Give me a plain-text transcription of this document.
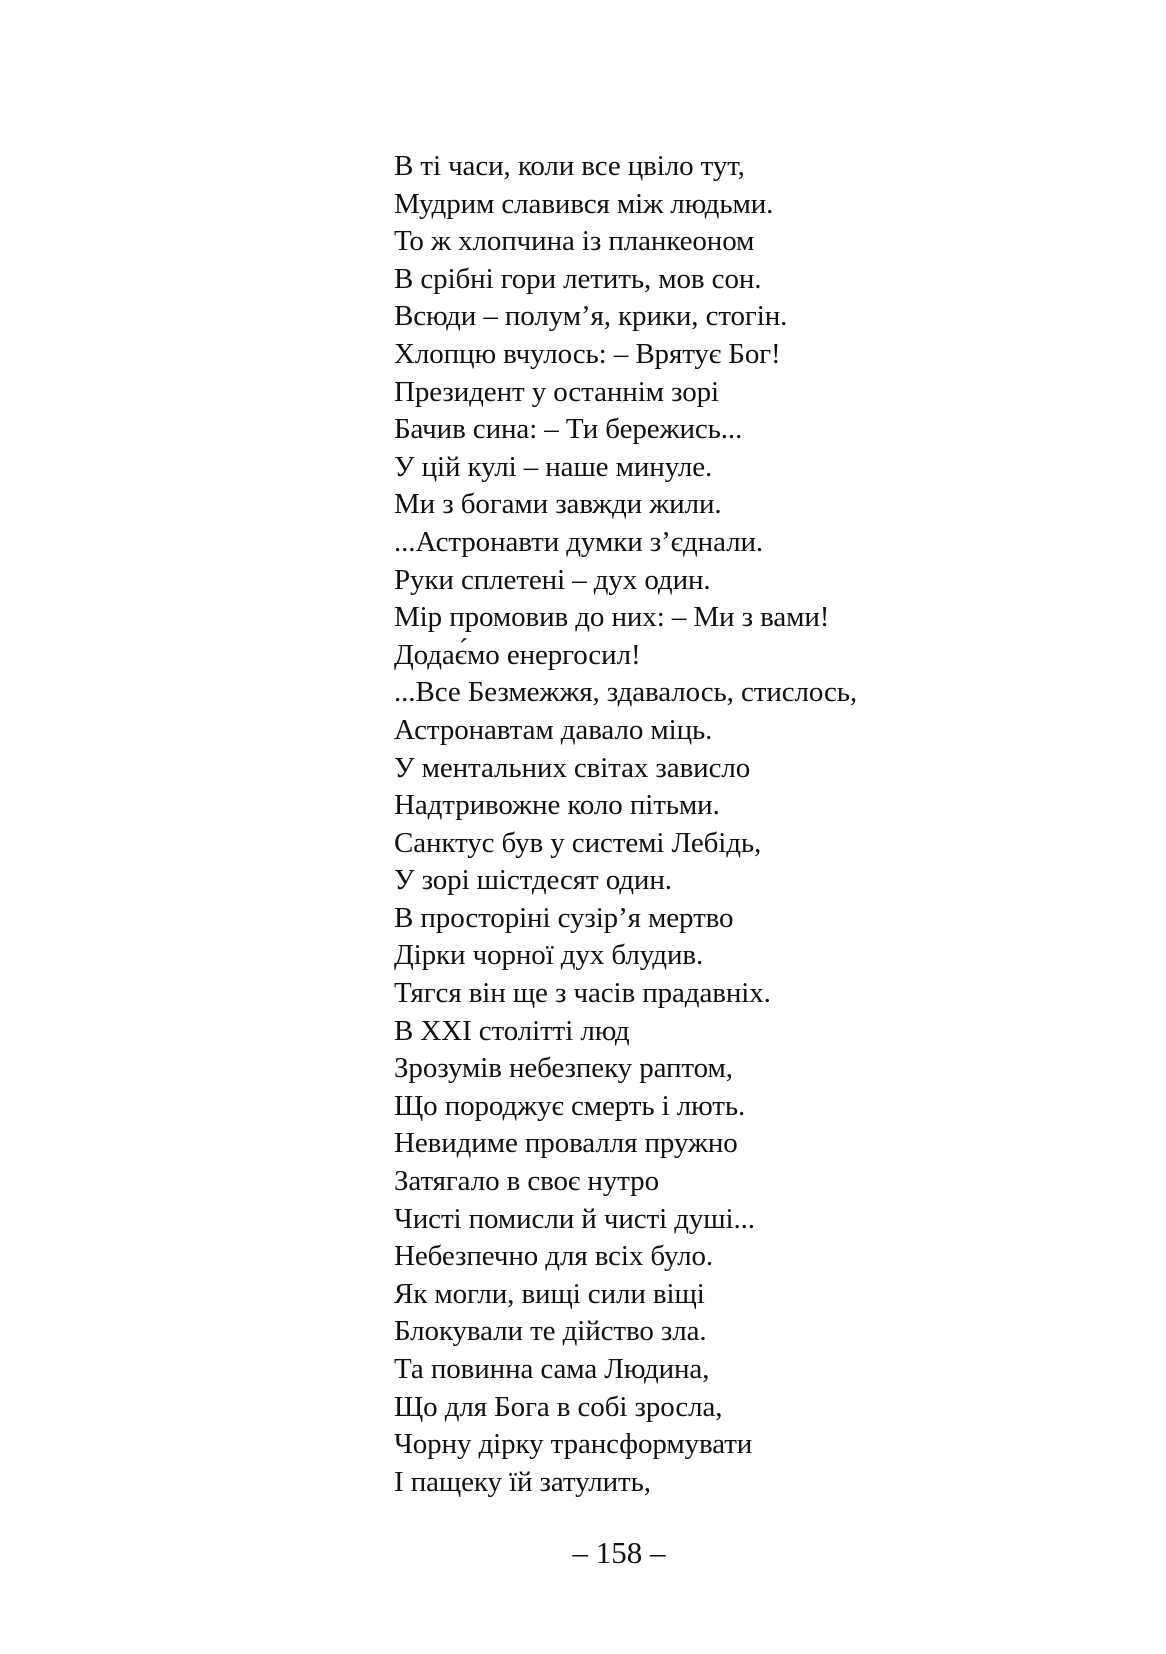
В ті часи, коли все цвіло тут,
Мудрим славився між людьми.
То ж хлопчина із планкеоном
В срібні гори летить, мов сон.
Всюди – полум’я, крики, стогін.
Хлопцю вчулось: – Врятує Бог!
Президент у останнім зорі
Бачив сина: – Ти бережись...
У цій кулі – наше минуле.
Ми з богами завжди жили.
...Астронавти думки з’єднали.
Руки сплетені – дух один.
Мір промовив до них: – Ми з вами!
Додає́мо енергосил!
...Все Безмежжя, здавалось, стислось,
Астронавтам давало міць.
У ментальних світах зависло
Надтривожне коло пітьми.
Санктус був у системі Лебідь,
У зорі шістдесят один.
В просторіні сузір’я мертво
Дірки чорної дух блудив.
Тягся він ще з часів прадавніх.
В XXI столітті люд
Зрозумів небезпеку раптом,
Що породжує смерть і лють.
Невидиме провалля пружно
Затягало в своє нутро
Чисті помисли й чисті душі...
Небезпечно для всіх було.
Як могли, вищі сили віщі
Блокували те дійство зла.
Та повинна сама Людина,
Що для Бога в собі зросла,
Чорну дірку трансформувати
І пащеку їй затулить,
– 158 –
